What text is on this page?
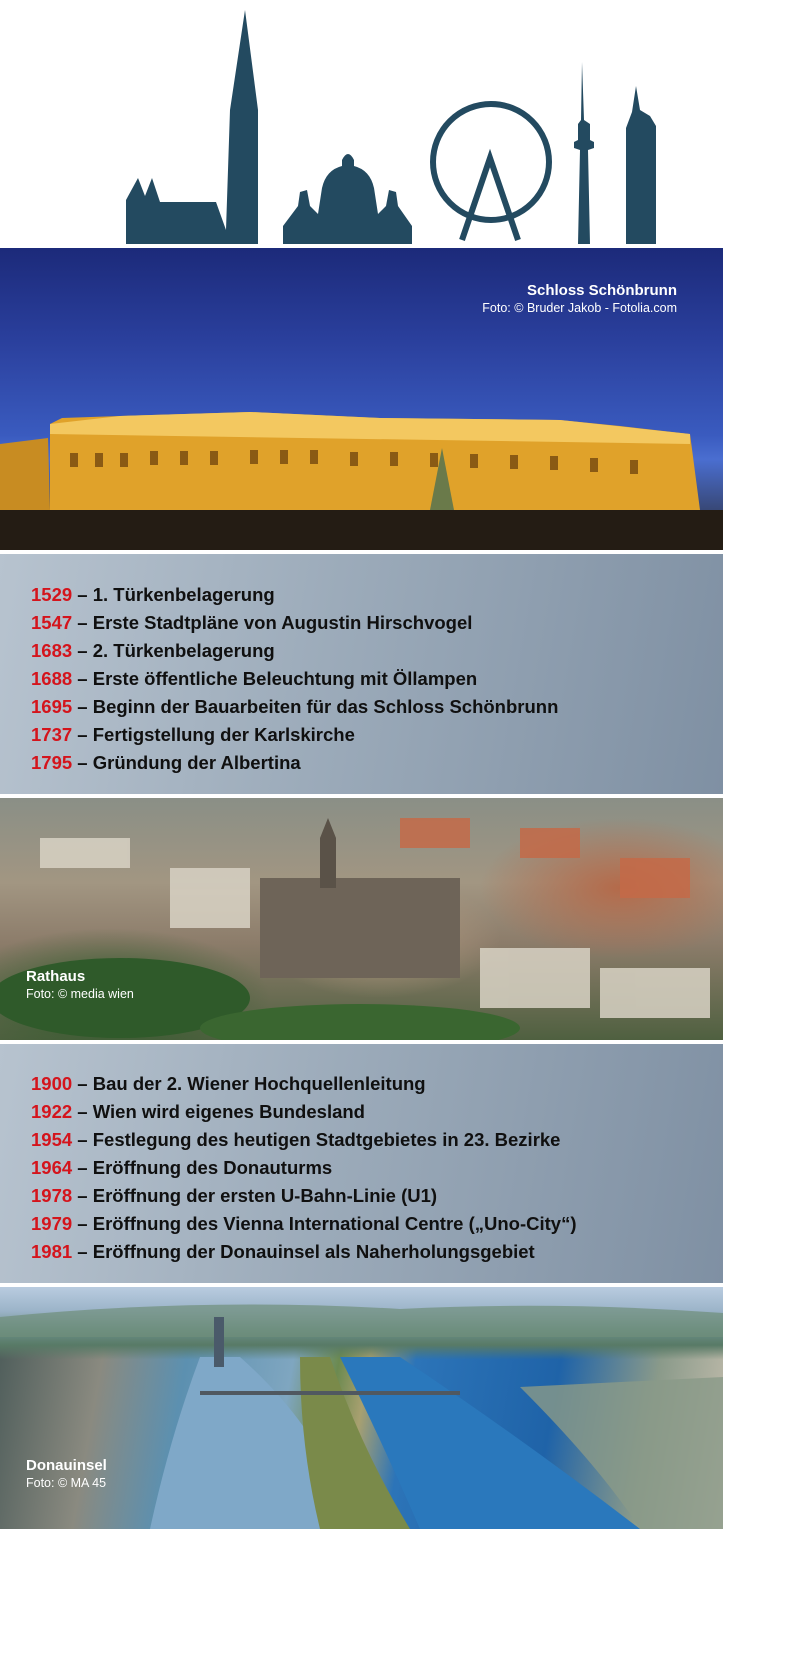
Schloss Schönbrunn
Foto: © Bruder Jakob - Fotolia.com
1529 – 1. Türkenbelagerung
1547 – Erste Stadtpläne von Augustin Hirschvogel
1683 – 2. Türkenbelagerung
1688 – Erste öffentliche Beleuchtung mit Öllampen
1695 – Beginn der Bauarbeiten für das Schloss Schönbrunn
1737 – Fertigstellung der Karlskirche
1795 – Gründung der Albertina
Rathaus
Foto: © media wien
1900 – Bau der 2. Wiener Hochquellenleitung
1922 – Wien wird eigenes Bundesland
1954 – Festlegung des heutigen Stadtgebietes in 23. Bezirke
1964 – Eröffnung des Donauturms
1978 – Eröffnung der ersten U-Bahn-Linie (U1)
1979 – Eröffnung des Vienna International Centre („Uno-City“)
1981 – Eröffnung der Donauinsel als Naherholungsgebiet
Donauinsel
Foto: © MA 45
